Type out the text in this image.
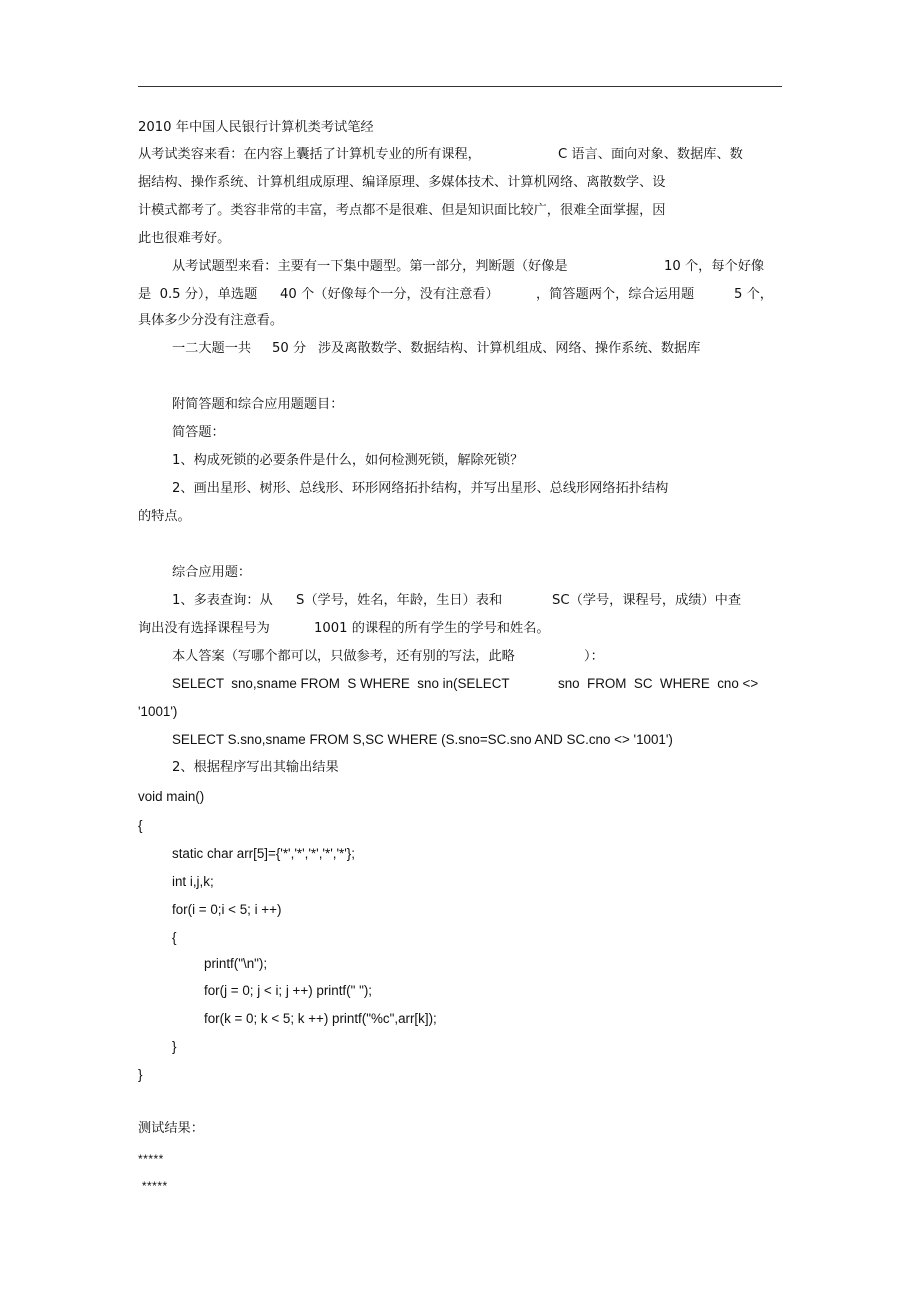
2010 年中国人民银行计算机类考试笔经
从考试类容来看：在内容上囊括了计算机专业的所有课程，	C 语言、面向对象、数据库、数
据结构、操作系统、计算机组成原理、编译原理、多媒体技术、计算机网络、离散数学、设
计模式都考了。类容非常的丰富，考点都不是很难、但是知识面比较广，很难全面掌握，因
此也很难考好。
从考试题型来看：主要有一下集中题型。第一部分，判断题（好像是	10 个，每个好像
是  0.5 分），单选题 40 个（好像每个一分，没有注意看）	，简答题两个，综合运用题	5 个，
具体多少分没有注意看。
一二大题一共 50 分 涉及离散数学、数据结构、计算机组成、网络、操作系统、数据库
附简答题和综合应用题题目：
简答题：
1、构成死锁的必要条件是什么，如何检测死锁，解除死锁？
2、画出星形、树形、总线形、环形网络拓扑结构，并写出星形、总线形网络拓扑结构
的特点。
综合应用题：
1、多表查询：从 S（学号，姓名，年龄，生日）表和	SC（学号，课程号，成绩）中查
询出没有选择课程号为	1001 的课程的所有学生的学号和姓名。
本人答案（写哪个都可以，只做参考，还有别的写法，此略	）：
SELECT  sno,sname FROM  S WHERE  sno in(SELECT	sno  FROM  SC  WHERE  cno <>
'1001')
SELECT S.sno,sname FROM S,SC WHERE (S.sno=SC.sno AND SC.cno <> '1001')
2、根据程序写出其输出结果
void main()
{
static char arr[5]={'*','*','*','*','*'};
int i,j,k;
for(i = 0;i < 5; i ++)
{
printf("\n");
for(j = 0; j < i; j ++) printf(" ");
for(k = 0; k < 5; k ++) printf("%c",arr[k]);
}
}
测试结果：
*****
*****
